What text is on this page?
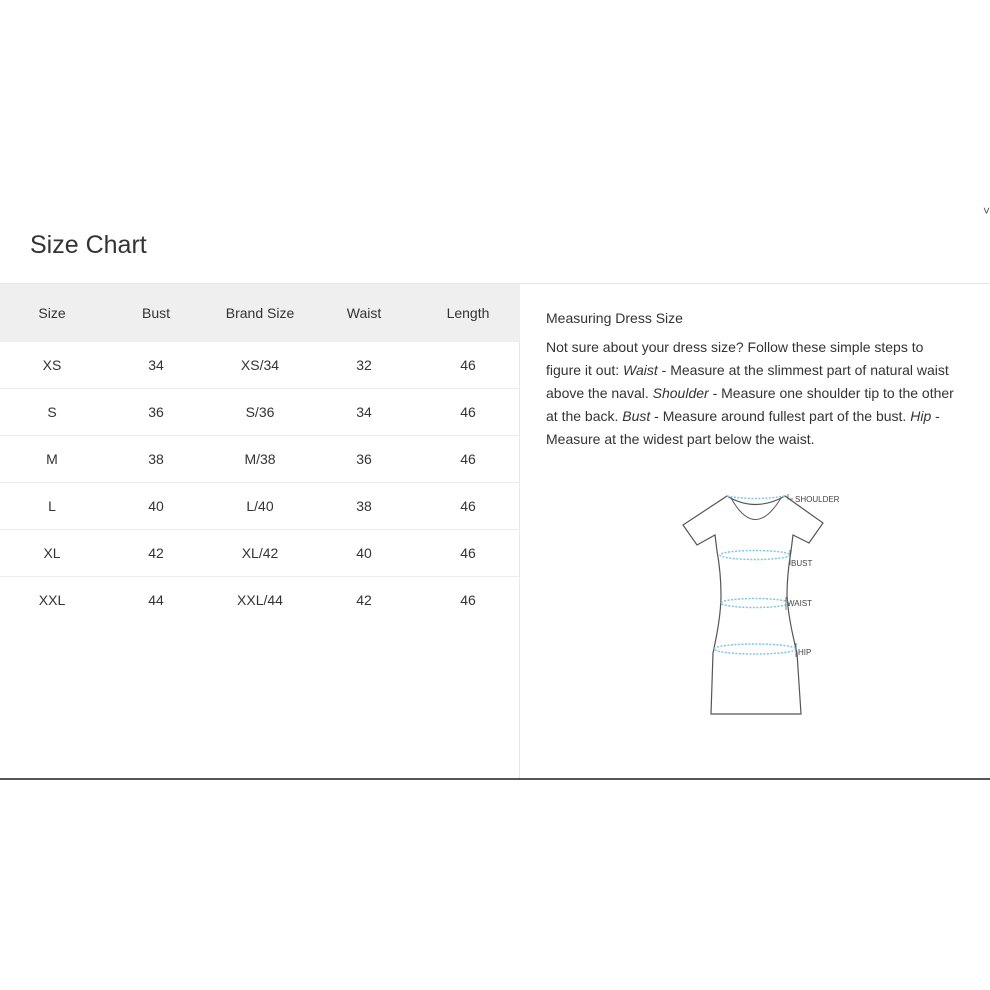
Size Chart
˅
Size	Bust	Brand Size	Waist	Length
XS	34	XS/34	32	46
S	36	S/36	34	46
M	38	M/38	36	46
L	40	L/40	38	46
XL	42	XL/42	40	46
XXL	44	XXL/44	42	46

Measuring Dress Size

Not sure about your dress size? Follow these simple steps to figure it out: Waist - Measure at the slimmest part of natural waist above the naval. Shoulder - Measure one shoulder tip to the other at the back. Bust - Measure around fullest part of the bust. Hip - Measure at the widest part below the waist.

SHOULDER
BUST
WAIST
HIP
